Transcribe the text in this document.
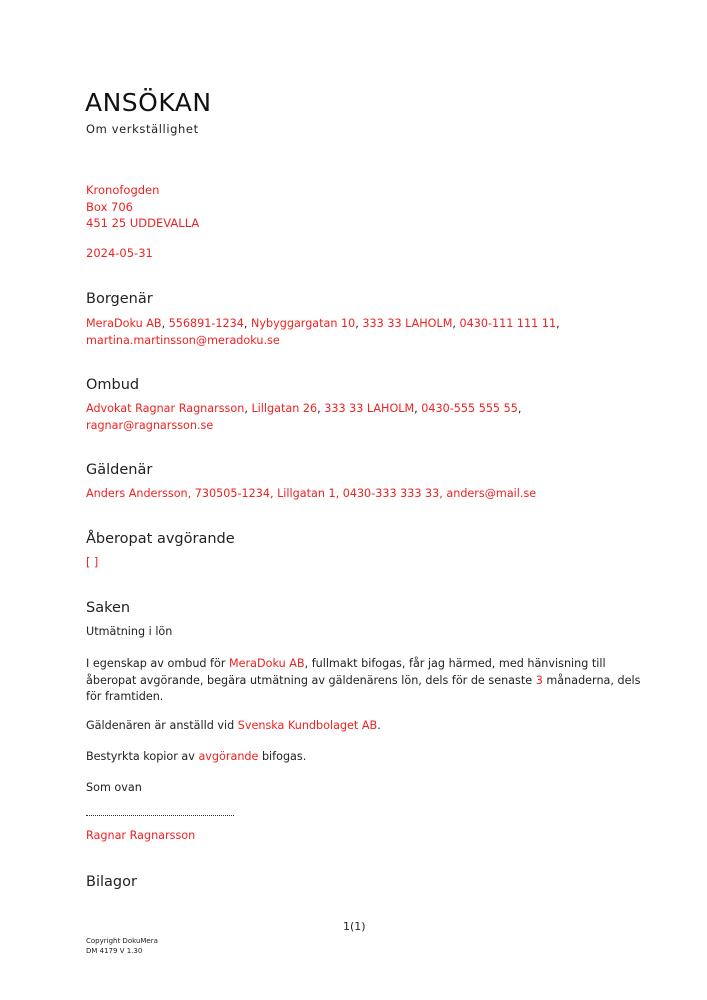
ANSÖKAN
Om verkställighet
Kronofogden
Box 706
451 25 UDDEVALLA
2024-05-31
Borgenär
MeraDoku AB, 556891-1234, Nybyggargatan 10, 333 33 LAHOLM, 0430-111 111 11,
martina.martinsson@meradoku.se
Ombud
Advokat Ragnar Ragnarsson, Lillgatan 26, 333 33 LAHOLM, 0430-555 555 55,
ragnar@ragnarsson.se
Gäldenär
Anders Andersson, 730505-1234, Lillgatan 1, 0430-333 333 33, anders@mail.se
Åberopat avgörande
[ ]
Saken
Utmätning i lön
I egenskap av ombud för MeraDoku AB, fullmakt bifogas, får jag härmed, med hänvisning till åberopat avgörande, begära utmätning av gäldenärens lön, dels för de senaste 3 månaderna, dels för framtiden.
Gäldenären är anställd vid Svenska Kundbolaget AB.
Bestyrkta kopior av avgörande bifogas.
Som ovan
Ragnar Ragnarsson
Bilagor
1(1)
Copyright DokuMera
DM 4179 V 1.30
